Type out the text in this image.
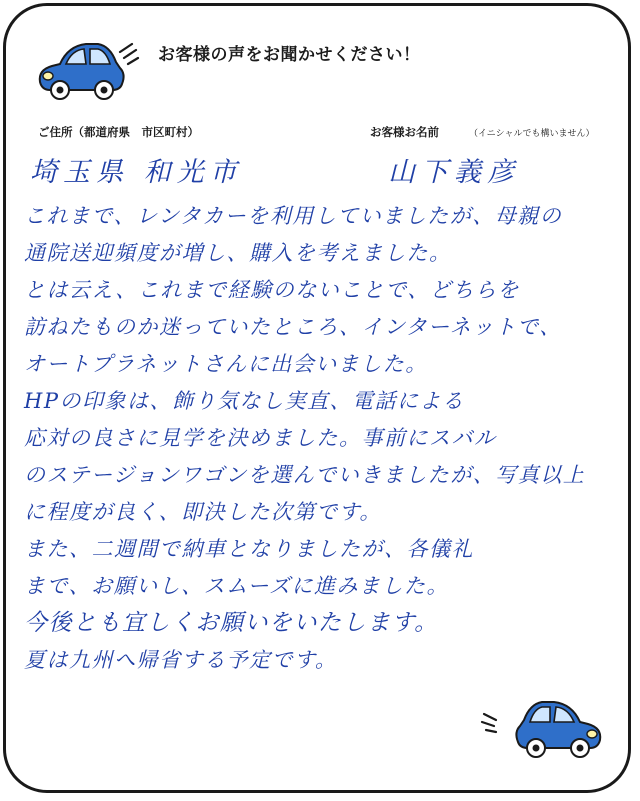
お客様の声をお聞かせください！
ご住所（都道府県　市区町村）	お客様お名前	（イニシャルでも構いません）
埼玉県 和光市	山下義彦
これまで、レンタカーを利用していましたが、母親の
通院送迎頻度が増し、購入を考えました。
とは云え、これまで経験のないことで、どちらを
訪ねたものか迷っていたところ、インターネットで、
オートプラネットさんに出会いました。
HPの印象は、飾り気なし実直、電話による
応対の良さに見学を決めました。事前にスバル
のステージョンワゴンを選んでいきましたが、写真以上
に程度が良く、即決した次第です。
また、二週間で納車となりましたが、各儀礼
まで、お願いし、スムーズに進みました。
今後とも宜しくお願いをいたします。
夏は九州へ帰省する予定です。
